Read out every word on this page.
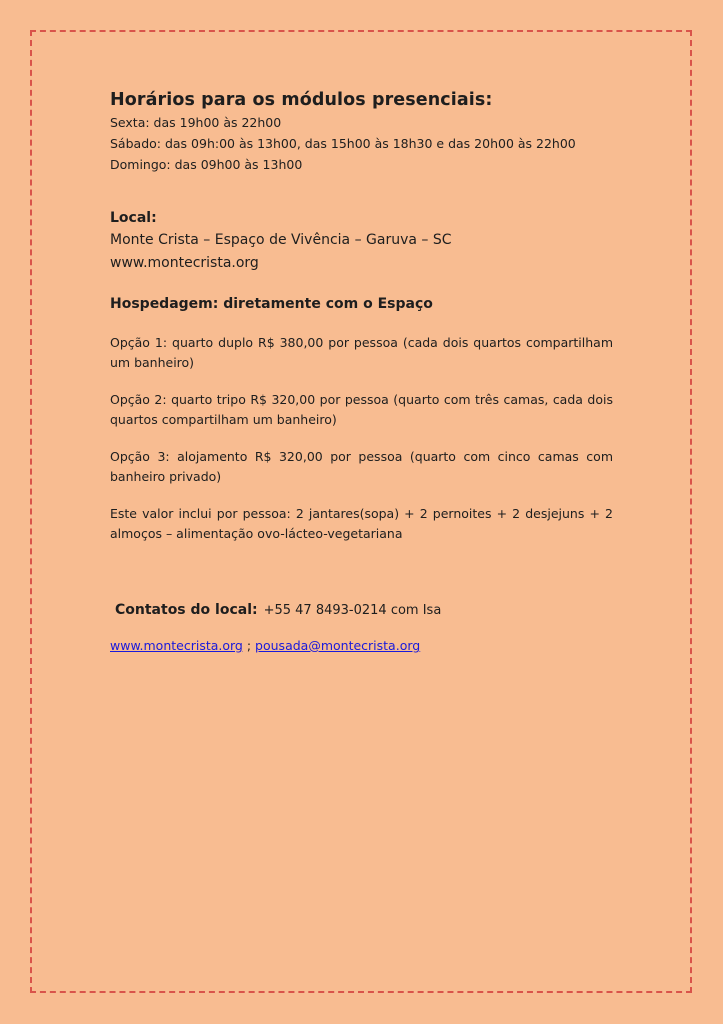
Horários para os módulos presenciais:

Sexta: das 19h00 às 22h00

Sábado: das 09h:00 às 13h00, das 15h00 às 18h30 e das 20h00 às 22h00

Domingo: das 09h00 às 13h00

Local:

Monte Crista – Espaço de Vivência – Garuva – SC

www.montecrista.org

Hospedagem: diretamente com o Espaço

Opção 1: quarto duplo R$ 380,00 por pessoa (cada dois quartos compartilham um banheiro)

Opção 2: quarto tripo R$ 320,00 por pessoa (quarto com três camas, cada dois quartos compartilham um banheiro)

Opção 3: alojamento R$ 320,00 por pessoa (quarto com cinco camas com banheiro privado)

Este valor inclui por pessoa: 2 jantares(sopa) + 2 pernoites + 2 desjejuns + 2 almoços – alimentação ovo-lácteo-vegetariana

Contatos do local: +55 47 8493-0214 com Isa
www.montecrista.org ; pousada@montecrista.org
